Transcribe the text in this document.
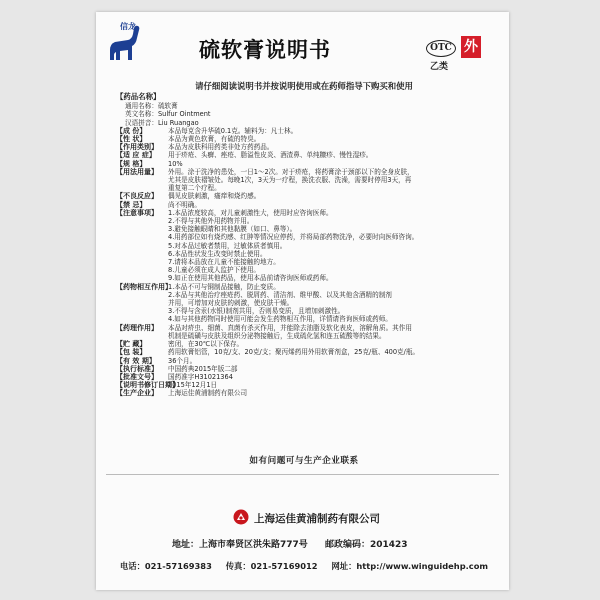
信龙
硫软膏说明书	OTC
乙类
外
请仔细阅读说明书并按说明使用或在药师指导下购买和使用
【药品名称】
通用名称：硫软膏
英文名称：Sulfur Ointment
汉语拼音：Liu Ruangao
【成 份】	本品每克含升华硫0.1克。辅料为：凡士林。

【性 状】	本品为黄色软膏，有硫的特臭。

【作用类别】	本品为皮肤科用药类非处方药药品。

【适 应 症】	用于疥疮、头癣、痤疮、脂溢性皮炎、酒渣鼻、单纯糠疹、慢性湿疹。

【规 格】	10%

【用法用量】	外用。涂于洗净的患处，一日1～2次。对于疥疮，将药膏涂于颈部以下的全身皮肤，

尤其是皮肤褶皱处。每晚1次，3天为一疗程，换洗衣服、洗澡，需要时停用3天，再

重复第二个疗程。

【不良反应】	偶见皮肤刺激，瘙痒和烧灼感。

【禁 忌】	尚不明确。

【注意事项】	1.本品浓度较高，对儿童刺激性大，使用时应咨询医师。

2.不得与其他外用药物并用。

3.避免接触眼睛和其他黏膜（如口、鼻等）。

4.用药部位如有烧灼感、红肿等情况应停药，并将局部药物洗净，必要时向医师咨询。

5.对本品过敏者禁用，过敏体质者慎用。

6.本品性状发生改变时禁止使用。

7.请将本品放在儿童不能接触的地方。

8.儿童必须在成人监护下使用。

9.如正在使用其他药品，使用本品前请咨询医师或药师。

【药物相互作用】

1.本品不可与铜制品接触，防止变质。

2.本品与其他治疗痤疮药、脱屑药、清洁剂、维甲酸、以及其他含酒精的制剂

并用，可增加对皮肤的刺激，使皮肤干燥。

3.不得与含汞(水银)制剂共用，否则易变质，且增加刺激性。

4.如与其他药物同时使用可能会发生药物相互作用，详情请咨询医师或药师。

【药理作用】	本品对疥虫、细菌、真菌有杀灭作用，并能除去油脂及软化表皮，溶解角质。其作用

机制是硫磺与皮肤及组织分泌物接触后，生成硫化氢和连五硫酸等的结果。

【贮 藏】	密闭，在30℃以下保存。

【包 装】	药用软膏铝管，10克/支、20克/支；聚丙烯药用外用软膏剂盒，25克/瓶、400克/瓶。

【有 效 期】	36个月。

【执行标准】	中国药典2015年版二部

【批准文号】	国药准字H31021364

【说明书修订日期】

2015年12月1日

【生产企业】	上海运佳黄浦制药有限公司

如有问题可与生产企业联系
上海运佳黄浦制药有限公司
地址：上海市奉贤区洪朱路777号 邮政编码：201423
电话：021-57169383 传真：021-57169012 网址：http://www.winguidehp.com
